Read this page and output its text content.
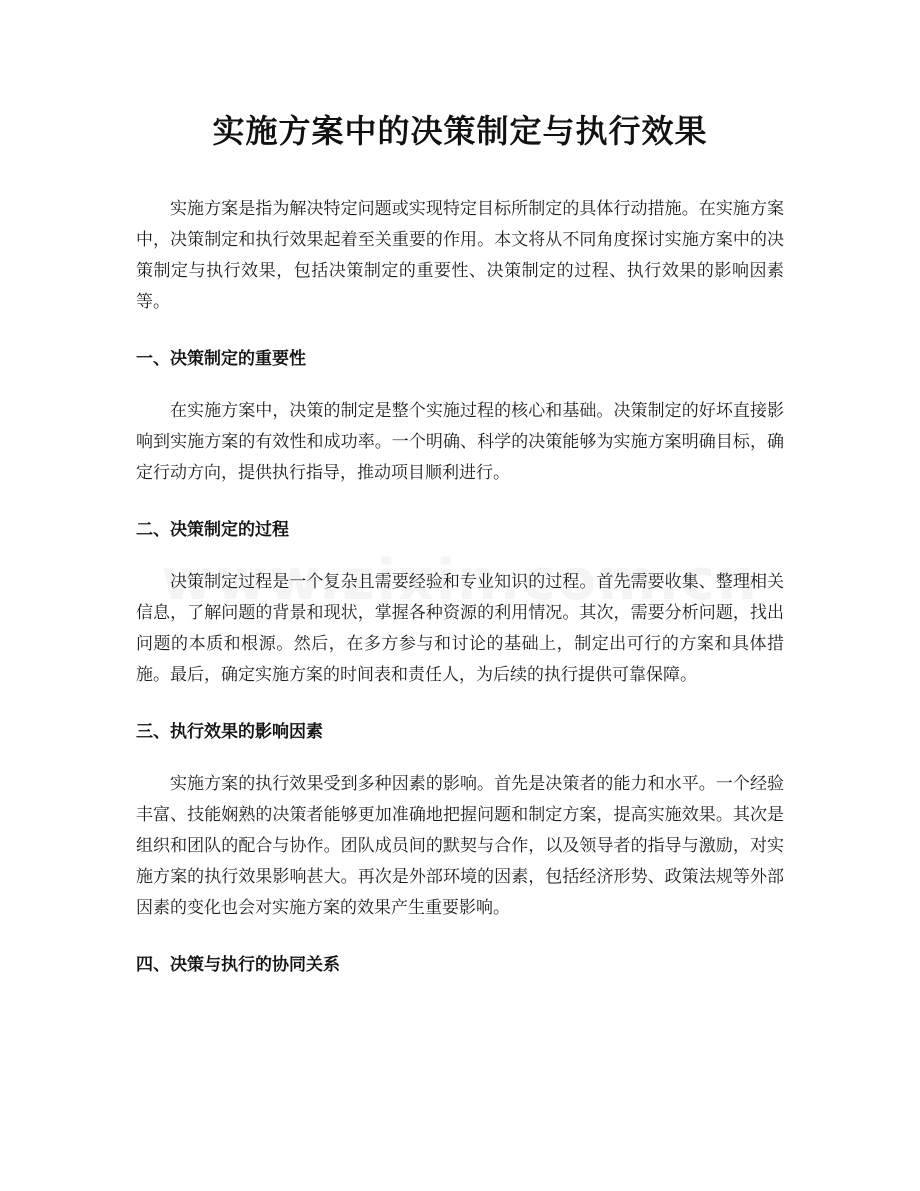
实施方案中的决策制定与执行效果

实施方案是指为解决特定问题或实现特定目标所制定的具体行动措施。在实施方案中，决策制定和执行效果起着至关重要的作用。本文将从不同角度探讨实施方案中的决策制定与执行效果，包括决策制定的重要性、决策制定的过程、执行效果的影响因素等。

一、决策制定的重要性

在实施方案中，决策的制定是整个实施过程的核心和基础。决策制定的好坏直接影响到实施方案的有效性和成功率。一个明确、科学的决策能够为实施方案明确目标，确定行动方向，提供执行指导，推动项目顺利进行。

二、决策制定的过程

决策制定过程是一个复杂且需要经验和专业知识的过程。首先需要收集、整理相关信息，了解问题的背景和现状，掌握各种资源的利用情况。其次，需要分析问题，找出问题的本质和根源。然后，在多方参与和讨论的基础上，制定出可行的方案和具体措施。最后，确定实施方案的时间表和责任人，为后续的执行提供可靠保障。

三、执行效果的影响因素

实施方案的执行效果受到多种因素的影响。首先是决策者的能力和水平。一个经验丰富、技能娴熟的决策者能够更加准确地把握问题和制定方案，提高实施效果。其次是组织和团队的配合与协作。团队成员间的默契与合作，以及领导者的指导与激励，对实施方案的执行效果影响甚大。再次是外部环境的因素，包括经济形势、政策法规等外部因素的变化也会对实施方案的效果产生重要影响。

四、决策与执行的协同关系
